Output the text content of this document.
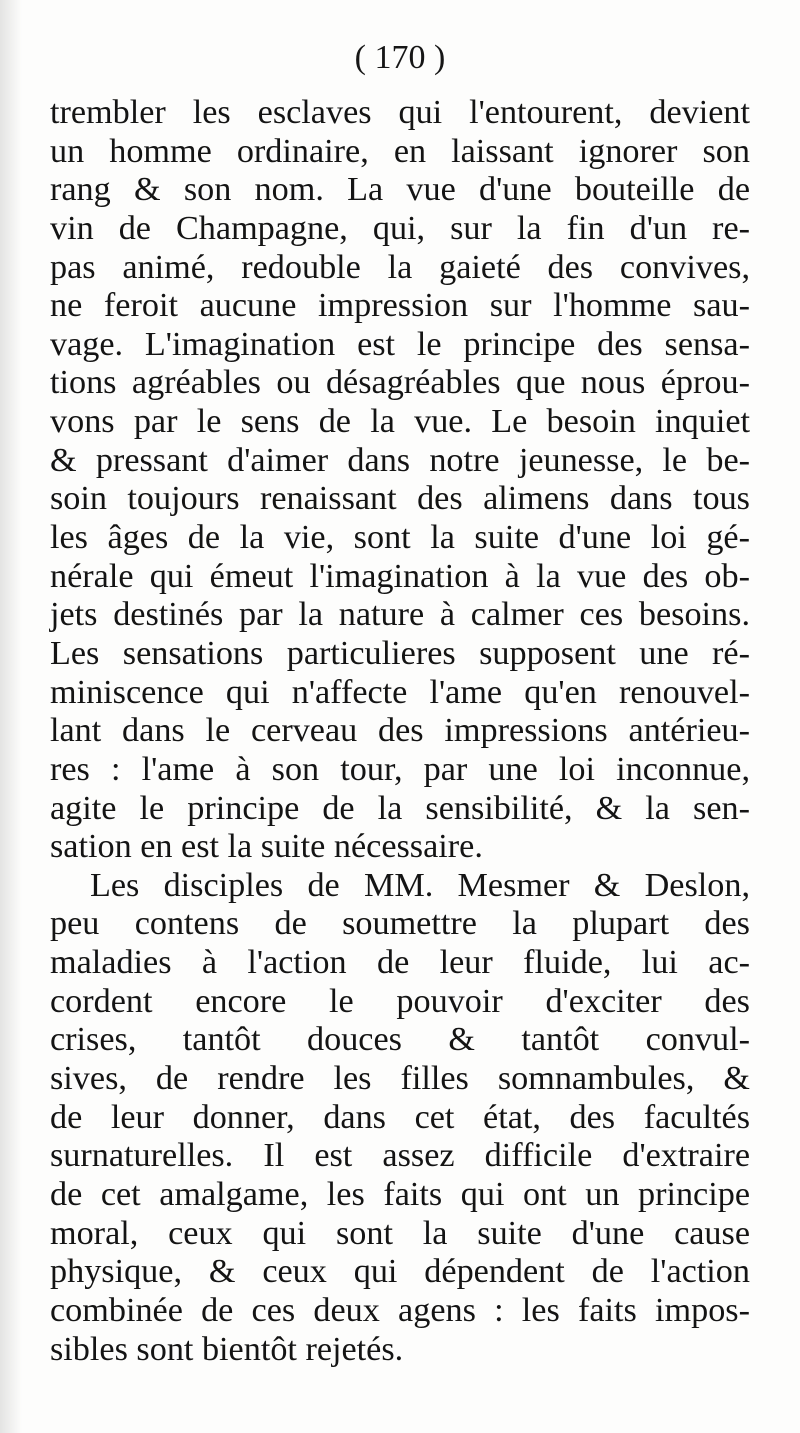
( 170 )
trembler les esclaves qui l'entourent, devient
un homme ordinaire, en laissant ignorer son
rang & son nom. La vue d'une bouteille de
vin de Champagne, qui, sur la fin d'un re-
pas animé, redouble la gaieté des convives,
ne feroit aucune impression sur l'homme sau-
vage. L'imagination est le principe des sensa-
tions agréables ou désagréables que nous éprou-
vons par le sens de la vue. Le besoin inquiet
& pressant d'aimer dans notre jeunesse, le be-
soin toujours renaissant des alimens dans tous
les âges de la vie, sont la suite d'une loi gé-
nérale qui émeut l'imagination à la vue des ob-
jets destinés par la nature à calmer ces besoins.
Les sensations particulieres supposent une ré-
miniscence qui n'affecte l'ame qu'en renouvel-
lant dans le cerveau des impressions antérieu-
res : l'ame à son tour, par une loi inconnue,
agite le principe de la sensibilité, & la sen-
sation en est la suite nécessaire.
Les disciples de MM. Mesmer & Deslon,
peu contens de soumettre la plupart des
maladies à l'action de leur fluide, lui ac-
cordent encore le pouvoir d'exciter des
crises, tantôt douces & tantôt convul-
sives, de rendre les filles somnambules, &
de leur donner, dans cet état, des facultés
surnaturelles. Il est assez difficile d'extraire
de cet amalgame, les faits qui ont un principe
moral, ceux qui sont la suite d'une cause
physique, & ceux qui dépendent de l'action
combinée de ces deux agens : les faits impos-
sibles sont bientôt rejetés.
